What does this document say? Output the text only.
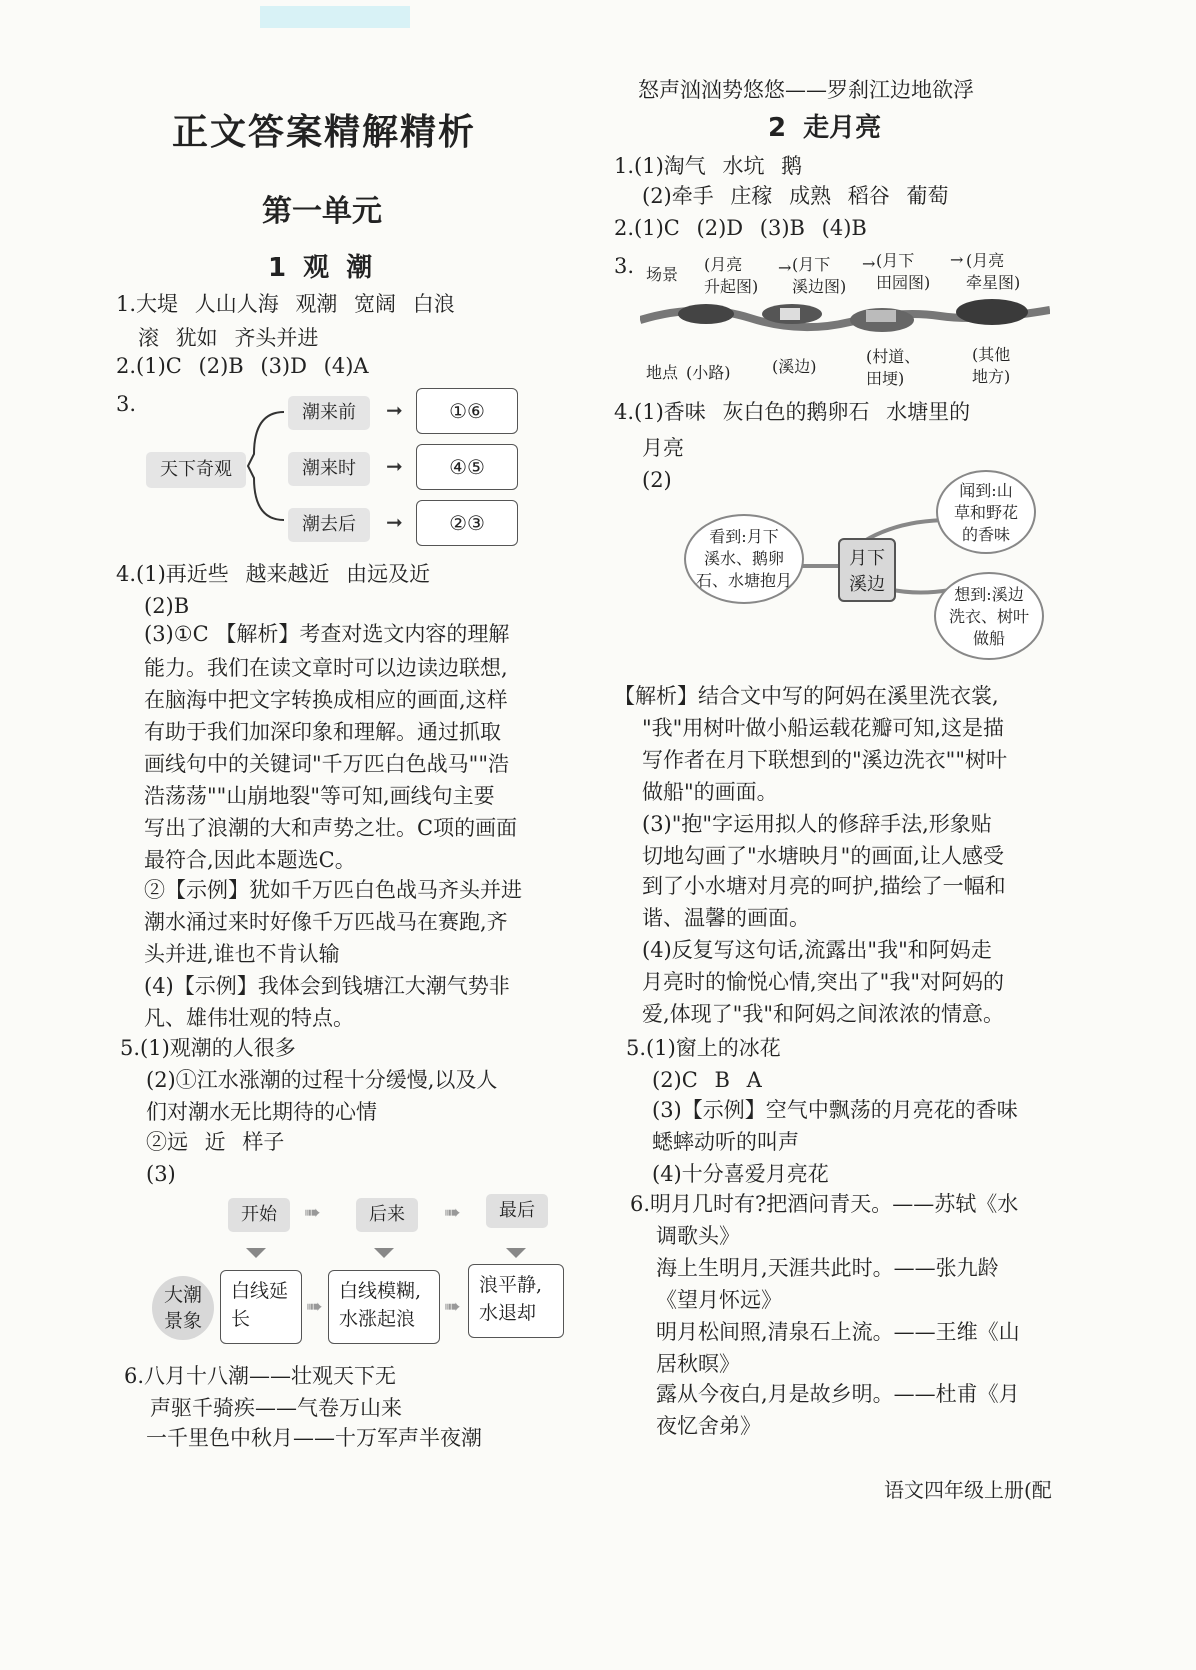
正文答案精解精析
第一单元
1 观 潮
1.大堤 人山人海 观潮 宽阔 白浪
滚 犹如 齐头并进
2.(1)C (2)B (3)D (4)A
3.
天下奇观
潮来前	➞	①⑥
潮来时	➞	④⑤
潮去后	➞	②③
4.(1)再近些 越来越近 由远及近
(2)B
(3)①C 【解析】考查对选文内容的理解
能力。我们在读文章时可以边读边联想,
在脑海中把文字转换成相应的画面,这样
有助于我们加深印象和理解。通过抓取
画线句中的关键词"千万匹白色战马""浩
浩荡荡""山崩地裂"等可知,画线句主要
写出了浪潮的大和声势之壮。C项的画面
最符合,因此本题选C。
②【示例】犹如千万匹白色战马齐头并进
潮水涌过来时好像千万匹战马在赛跑,齐
头并进,谁也不肯认输
(4)【示例】我体会到钱塘江大潮气势非
凡、雄伟壮观的特点。
5.(1)观潮的人很多
(2)①江水涨潮的过程十分缓慢,以及人
们对潮水无比期待的心情
②远 近 样子
(3)
开始	➠	后来	➠	最后
大潮
景象
白线延
长
➠
白线模糊,
水涨起浪
➠
浪平静,
水退却
6.八月十八潮——壮观天下无
声驱千骑疾——气卷万山来
一千里色中秋月——十万军声半夜潮
怒声汹汹势悠悠——罗刹江边地欲浮
2 走月亮
1.(1)淘气 水坑 鹅
(2)牵手 庄稼 成熟 稻谷 葡萄
2.(1)C (2)D (3)B (4)B
3. 场景
(月亮
升起图)
→ (月下
溪边图)
→ (月下
田园图)
→ (月亮
牵星图)
地点 (小路)	(溪边)
(村道、
田埂)
(其他
地方)
4.(1)香味 灰白色的鹅卵石 水塘里的
月亮
(2)
月下
溪边
看到:月下
溪水、鹅卵
石、水塘抱月
闻到:山
草和野花
的香味
想到:溪边
洗衣、树叶
做船
【解析】结合文中写的阿妈在溪里洗衣裳,
"我"用树叶做小船运载花瓣可知,这是描
写作者在月下联想到的"溪边洗衣""树叶
做船"的画面。
(3)"抱"字运用拟人的修辞手法,形象贴
切地勾画了"水塘映月"的画面,让人感受
到了小水塘对月亮的呵护,描绘了一幅和
谐、温馨的画面。
(4)反复写这句话,流露出"我"和阿妈走
月亮时的愉悦心情,突出了"我"对阿妈的
爱,体现了"我"和阿妈之间浓浓的情意。
5.(1)窗上的冰花
(2)C B A
(3)【示例】空气中飘荡的月亮花的香味
蟋蟀动听的叫声
(4)十分喜爱月亮花
6.明月几时有?把酒问青天。——苏轼《水
调歌头》
海上生明月,天涯共此时。——张九龄
《望月怀远》
明月松间照,清泉石上流。——王维《山
居秋暝》
露从今夜白,月是故乡明。——杜甫《月
夜忆舍弟》
语文四年级上册(配
